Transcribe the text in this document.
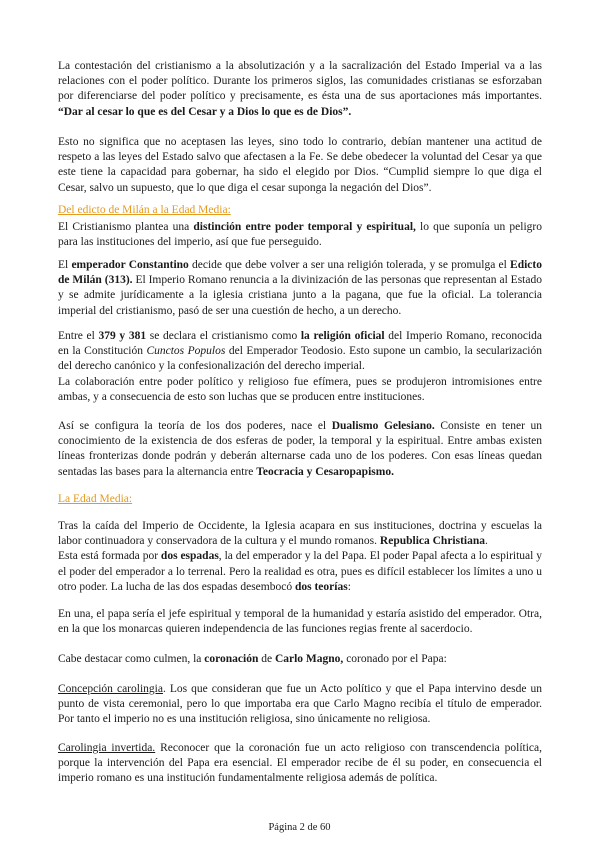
La contestación del cristianismo a la absolutización y a la sacralización del Estado Imperial va a las relaciones con el poder político. Durante los primeros siglos, las comunidades cristianas se esforzaban por diferenciarse del poder político y precisamente, es ésta una de sus aportaciones más importantes. “Dar al cesar lo que es del Cesar y a Dios lo que es de Dios”.

Esto no significa que no aceptasen las leyes, sino todo lo contrario, debían mantener una actitud de respeto a las leyes del Estado salvo que afectasen a la Fe. Se debe obedecer la voluntad del Cesar ya que este tiene la capacidad para gobernar, ha sido el elegido por Dios. “Cumplid siempre lo que diga el Cesar, salvo un supuesto, que lo que diga el cesar suponga la negación del Dios”.

Del edicto de Milán a la Edad Media:

El Cristianismo plantea una distinción entre poder temporal y espiritual, lo que suponía un peligro para las instituciones del imperio, así que fue perseguido.

El emperador Constantino decide que debe volver a ser una religión tolerada, y se promulga el Edicto de Milán (313). El Imperio Romano renuncia a la divinización de las personas que representan al Estado y se admite jurídicamente a la iglesia cristiana junto a la pagana, que fue la oficial. La tolerancia imperial del cristianismo, pasó de ser una cuestión de hecho, a un derecho.

Entre el 379 y 381 se declara el cristianismo como la religión oficial del Imperio Romano, reconocida en la Constitución Cunctos Populos del Emperador Teodosio. Esto supone un cambio, la secularización del derecho canónico y la confesionalización del derecho imperial.
La colaboración entre poder político y religioso fue efímera, pues se produjeron intromisiones entre ambas, y a consecuencia de esto son luchas que se producen entre instituciones.

Así se configura la teoría de los dos poderes, nace el Dualismo Gelesiano. Consiste en tener un conocimiento de la existencia de dos esferas de poder, la temporal y la espiritual. Entre ambas existen líneas fronterizas donde podrán y deberán alternarse cada uno de los poderes. Con esas líneas quedan sentadas las bases para la alternancia entre Teocracia y Cesaropapismo.

La Edad Media:

Tras la caída del Imperio de Occidente, la Iglesia acapara en sus instituciones, doctrina y escuelas la labor continuadora y conservadora de la cultura y el mundo romanos. Republica Christiana.
Esta está formada por dos espadas, la del emperador y la del Papa. El poder Papal afecta a lo espiritual y el poder del emperador a lo terrenal. Pero la realidad es otra, pues es difícil establecer los límites a uno u otro poder. La lucha de las dos espadas desembocó dos teorías:

En una, el papa sería el jefe espiritual y temporal de la humanidad y estaría asistido del emperador. Otra, en la que los monarcas quieren independencia de las funciones regias frente al sacerdocio.

Cabe destacar como culmen, la coronación de Carlo Magno, coronado por el Papa:

Concepción carolingia. Los que consideran que fue un Acto político y que el Papa intervino desde un punto de vista ceremonial, pero lo que importaba era que Carlo Magno recibía el título de emperador. Por tanto el imperio no es una institución religiosa, sino únicamente no religiosa.

Carolingia invertida. Reconocer que la coronación fue un acto religioso con transcendencia política, porque la intervención del Papa era esencial. El emperador recibe de él su poder, en consecuencia el imperio romano es una institución fundamentalmente religiosa además de política.

Página 2 de 60
